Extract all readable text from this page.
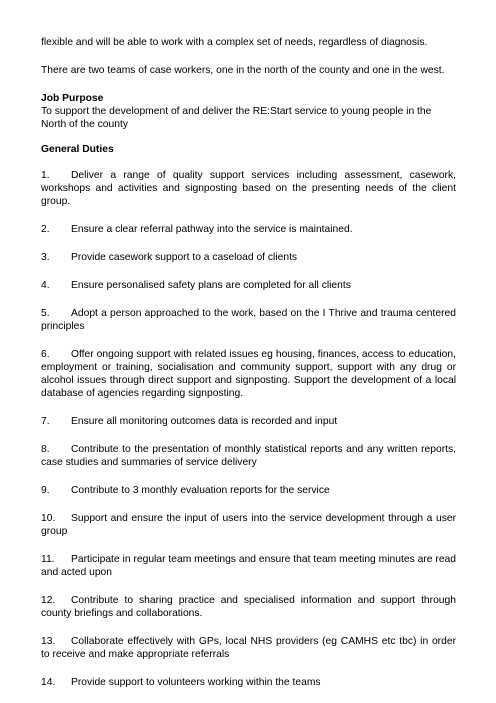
flexible and will be able to work with a complex set of needs, regardless of diagnosis.

There are two teams of case workers, one in the north of the county and one in the west.

Job Purpose

To support the development of and deliver the RE:Start service to young people in the North of the county

General Duties

1. Deliver a range of quality support services including assessment, casework, workshops and activities and signposting based on the presenting needs of the client group.
2. Ensure a clear referral pathway into the service is maintained.
3. Provide casework support to a caseload of clients
4. Ensure personalised safety plans are completed for all clients
5. Adopt a person approached to the work, based on the I Thrive and trauma centered principles
6. Offer ongoing support with related issues eg housing, finances, access to education, employment or training, socialisation and community support, support with any drug or alcohol issues through direct support and signposting. Support the development of a local database of agencies regarding signposting.
7. Ensure all monitoring outcomes data is recorded and input
8. Contribute to the presentation of monthly statistical reports and any written reports, case studies and summaries of service delivery
9. Contribute to 3 monthly evaluation reports for the service
10. Support and ensure the input of users into the service development through a user group
11. Participate in regular team meetings and ensure that team meeting minutes are read and acted upon
12. Contribute to sharing practice and specialised information and support through county briefings and collaborations.
13. Collaborate effectively with GPs, local NHS providers (eg CAMHS etc tbc) in order to receive and make appropriate referrals
14. Provide support to volunteers working within the teams
